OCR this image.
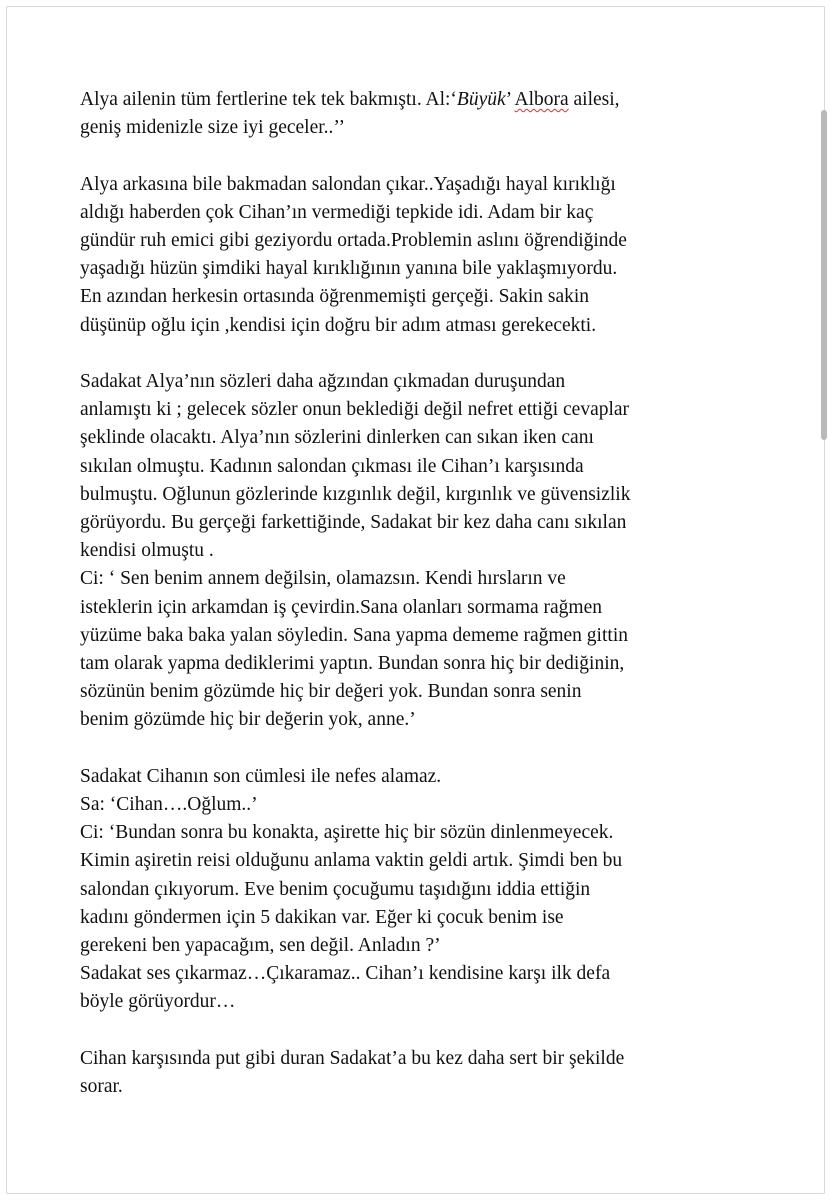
Alya ailenin tüm fertlerine tek tek bakmıştı. Al:‘Büyük’ Albora ailesi,
geniş midenizle size iyi geceler..’’
Alya arkasına bile bakmadan salondan çıkar..Yaşadığı hayal kırıklığı
aldığı haberden çok Cihan’ın vermediği tepkide idi. Adam bir kaç
gündür ruh emici gibi geziyordu ortada.Problemin aslını öğrendiğinde
yaşadığı hüzün şimdiki hayal kırıklığının yanına bile yaklaşmıyordu.
En azından herkesin ortasında öğrenmemişti gerçeği. Sakin sakin
düşünüp oğlu için ,kendisi için doğru bir adım atması gerekecekti.
Sadakat Alya’nın sözleri daha ağzından çıkmadan duruşundan
anlamıştı ki ; gelecek sözler onun beklediği değil nefret ettiği cevaplar
şeklinde olacaktı. Alya’nın sözlerini dinlerken can sıkan iken canı
sıkılan olmuştu. Kadının salondan çıkması ile Cihan’ı karşısında
bulmuştu. Oğlunun gözlerinde kızgınlık değil, kırgınlık ve güvensizlik
görüyordu. Bu gerçeği farkettiğinde, Sadakat bir kez daha canı sıkılan
kendisi olmuştu .
Ci: ‘ Sen benim annem değilsin, olamazsın. Kendi hırsların ve
isteklerin için arkamdan iş çevirdin.Sana olanları sormama rağmen
yüzüme baka baka yalan söyledin. Sana yapma dememe rağmen gittin
tam olarak yapma dediklerimi yaptın. Bundan sonra hiç bir dediğinin,
sözünün benim gözümde hiç bir değeri yok. Bundan sonra senin
benim gözümde hiç bir değerin yok, anne.’
Sadakat Cihanın son cümlesi ile nefes alamaz.
Sa: ‘Cihan….Oğlum..’
Ci: ‘Bundan sonra bu konakta, aşirette hiç bir sözün dinlenmeyecek.
Kimin aşiretin reisi olduğunu anlama vaktin geldi artık. Şimdi ben bu
salondan çıkıyorum. Eve benim çocuğumu taşıdığını iddia ettiğin
kadını göndermen için 5 dakikan var. Eğer ki çocuk benim ise
gerekeni ben yapacağım, sen değil. Anladın ?’
Sadakat ses çıkarmaz…Çıkaramaz.. Cihan’ı kendisine karşı ilk defa
böyle görüyordur…
Cihan karşısında put gibi duran Sadakat’a bu kez daha sert bir şekilde
sorar.
